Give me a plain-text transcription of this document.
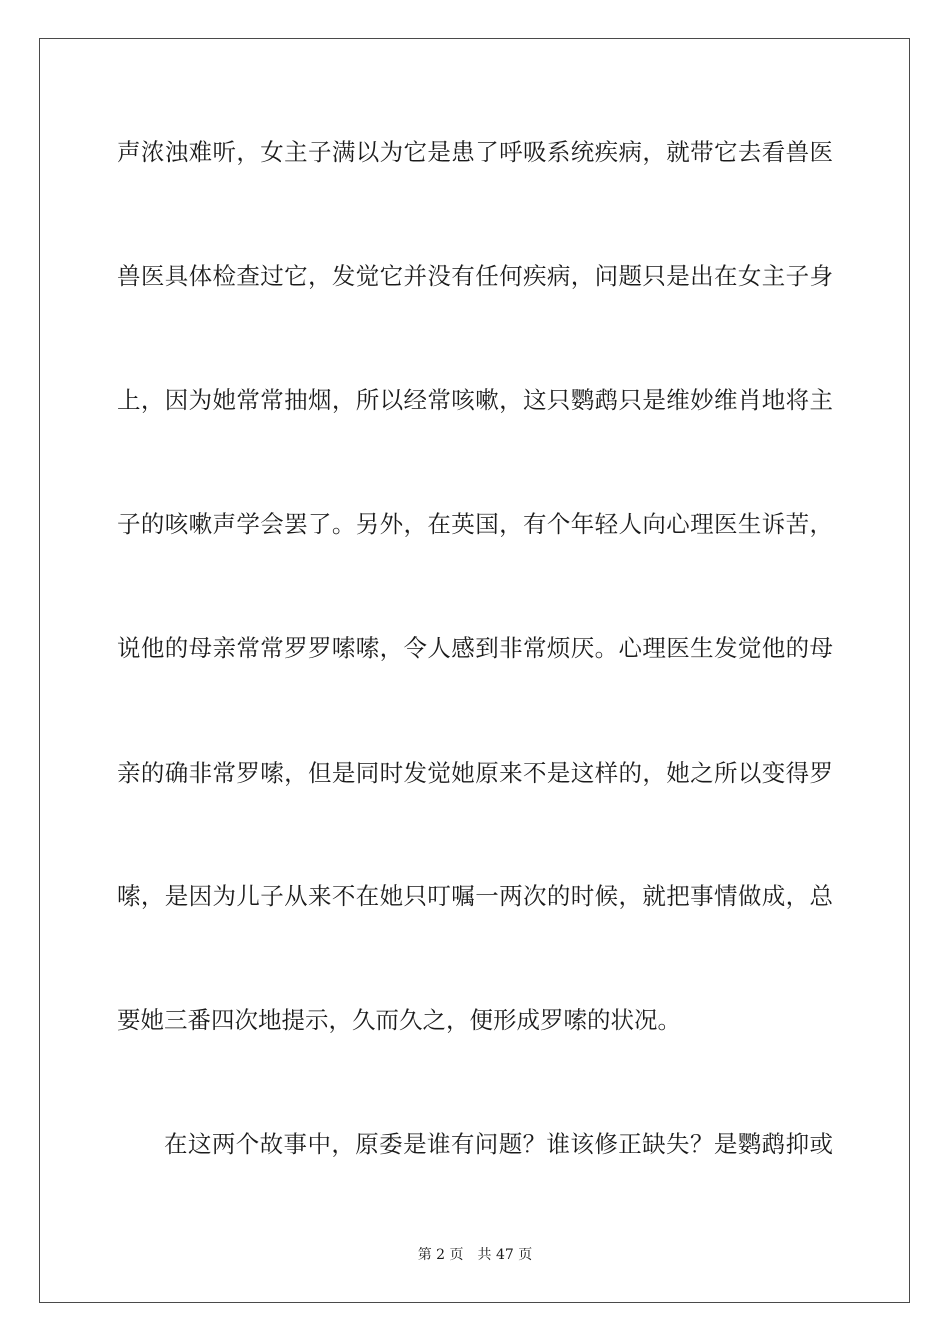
声浓浊难听，女主子满以为它是患了呼吸系统疾病，就带它去看兽医
兽医具体检查过它，发觉它并没有任何疾病，问题只是出在女主子身
上，因为她常常抽烟，所以经常咳嗽，这只鹦鹉只是维妙维肖地将主
子的咳嗽声学会罢了。另外，在英国，有个年轻人向心理医生诉苦，
说他的母亲常常罗罗嗦嗦，令人感到非常烦厌。心理医生发觉他的母
亲的确非常罗嗦，但是同时发觉她原来不是这样的，她之所以变得罗
嗦，是因为儿子从来不在她只叮嘱一两次的时候，就把事情做成，总
要她三番四次地提示，久而久之，便形成罗嗦的状况。
在这两个故事中，原委是谁有问题？谁该修正缺失？是鹦鹉抑或
第 2 页 共 47 页
